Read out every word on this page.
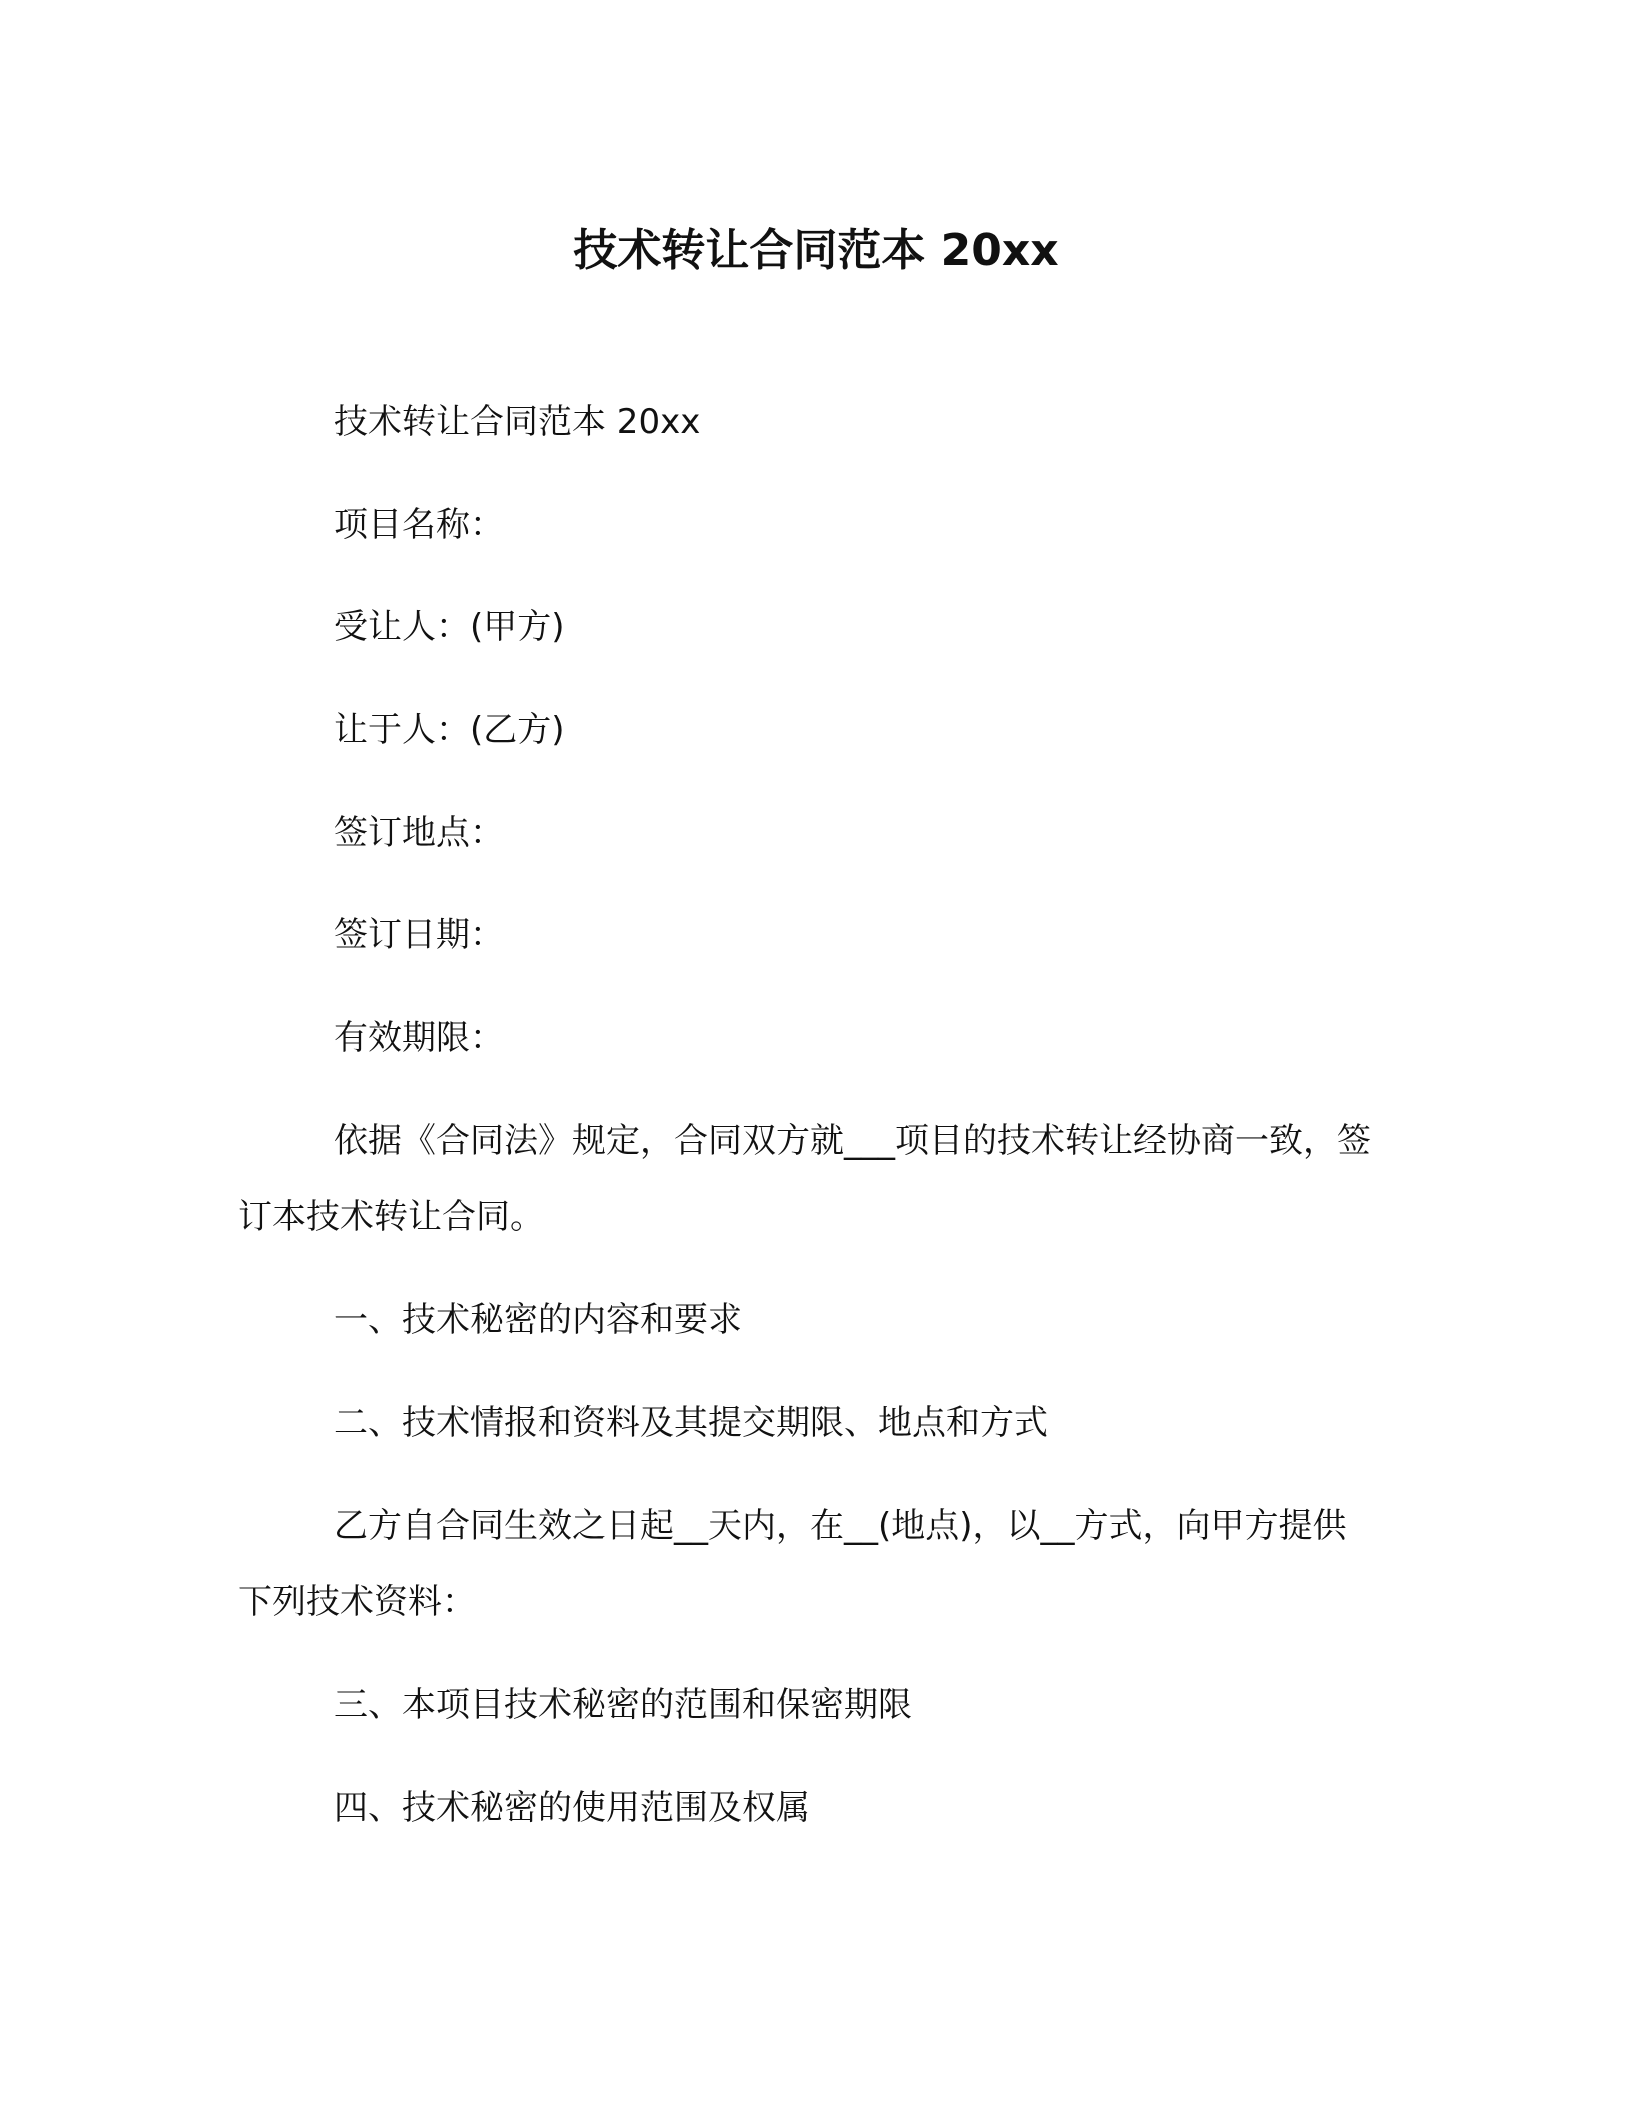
技术转让合同范本 20xx

技术转让合同范本 20xx

项目名称：

受让人：(甲方)

让于人：(乙方)

签订地点：

签订日期：

有效期限：

依据《合同法》规定，合同双方就___项目的技术转让经协商一致，签订本技术转让合同。

一、技术秘密的内容和要求

二、技术情报和资料及其提交期限、地点和方式

乙方自合同生效之日起__天内，在__(地点)，以__方式，向甲方提供下列技术资料：

三、本项目技术秘密的范围和保密期限

四、技术秘密的使用范围及权属
